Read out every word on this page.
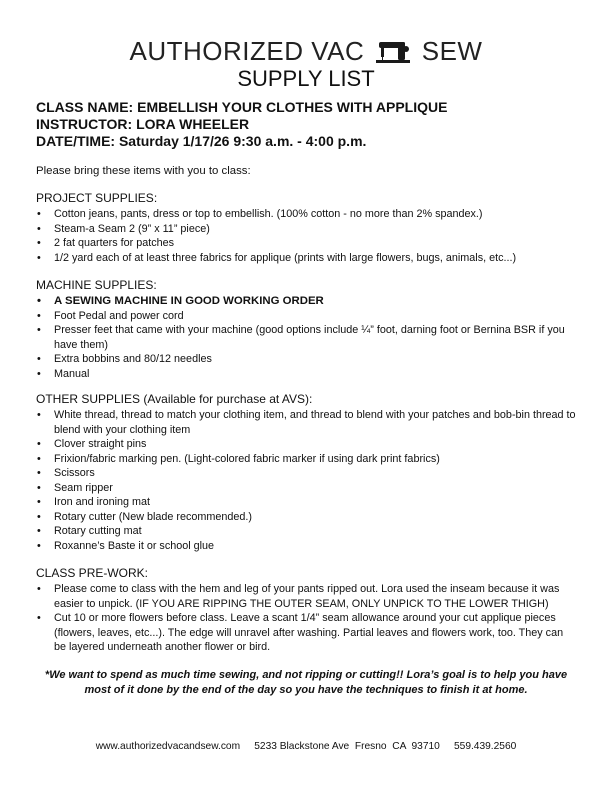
AUTHORIZED VAC SEW
SUPPLY LIST
CLASS NAME: EMBELLISH YOUR CLOTHES WITH APPLIQUE
INSTRUCTOR: LORA WHEELER
DATE/TIME: Saturday 1/17/26 9:30 a.m. - 4:00 p.m.
Please bring these items with you to class:
PROJECT SUPPLIES:
• Cotton jeans, pants, dress or top to embellish. (100% cotton - no more than 2% spandex.)
• Steam-a Seam 2 (9” x 11” piece)
• 2 fat quarters for patches
• 1/2 yard each of at least three fabrics for applique (prints with large flowers, bugs, animals, etc...)
MACHINE SUPPLIES:
• A SEWING MACHINE IN GOOD WORKING ORDER
• Foot Pedal and power cord
• Presser feet that came with your machine (good options include ¼” foot, darning foot or Bernina BSR if you have them)
• Extra bobbins and 80/12 needles
• Manual
OTHER SUPPLIES (Available for purchase at AVS):
• White thread, thread to match your clothing item, and thread to blend with your patches and bob-bin thread to blend with your clothing item
• Clover straight pins
• Frixion/fabric marking pen. (Light-colored fabric marker if using dark print fabrics)
• Scissors
• Seam ripper
• Iron and ironing mat
• Rotary cutter (New blade recommended.)
• Rotary cutting mat
• Roxanne’s Baste it or school glue
CLASS PRE-WORK:
• Please come to class with the hem and leg of your pants ripped out. Lora used the inseam because it was easier to unpick. (IF YOU ARE RIPPING THE OUTER SEAM, ONLY UNPICK TO THE LOWER THIGH)
• Cut 10 or more flowers before class. Leave a scant 1/4” seam allowance around your cut applique pieces (flowers, leaves, etc...). The edge will unravel after washing. Partial leaves and flowers work, too. They can be layered underneath another flower or bird.
*We want to spend as much time sewing, and not ripping or cutting!! Lora’s goal is to help you have most of it done by the end of the day so you have the techniques to finish it at home.
www.authorizedvacandsew.com 5233 Blackstone Ave  Fresno  CA  93710 559.439.2560
